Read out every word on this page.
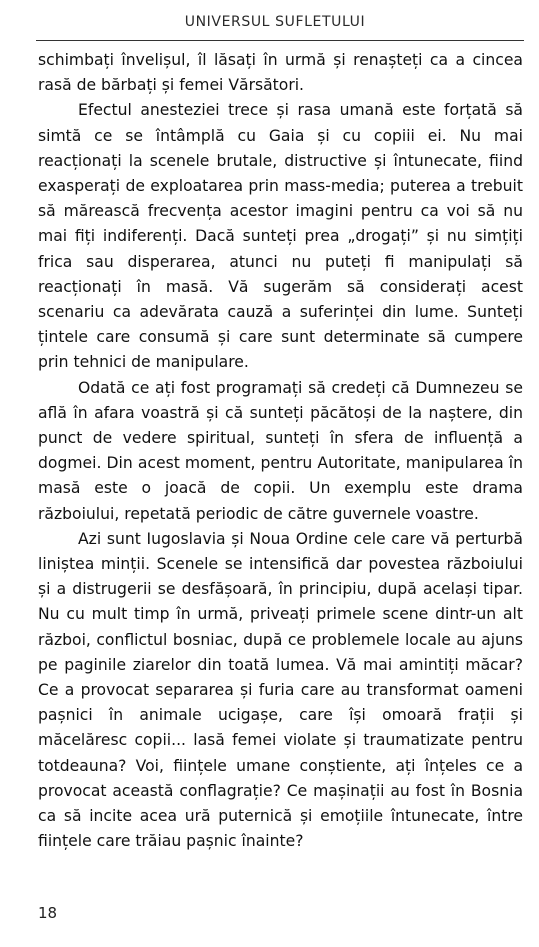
UNIVERSUL SUFLETULUI

schimbați învelișul, îl lăsați în urmă și renașteți ca a cincea rasă de bărbați și femei Vărsători.

Efectul anesteziei trece și rasa umană este forțată să simtă ce se întâmplă cu Gaia și cu copiii ei. Nu mai reacționați la scenele brutale, distructive și întunecate, fiind exasperați de exploatarea prin mass-media; puterea a trebuit să mărească frecvența acestor imagini pentru ca voi să nu mai fiți indiferenți. Dacă sunteți prea „drogați” și nu simțiți frica sau disperarea, atunci nu puteți fi manipulați să reacționați în masă. Vă sugerăm să considerați acest scenariu ca adevărata cauză a suferinței din lume. Sunteți țintele care consumă și care sunt determinate să cumpere prin tehnici de manipulare.

Odată ce ați fost programați să credeți că Dumnezeu se află în afara voastră și că sunteți păcătoși de la naștere, din punct de vedere spiritual, sunteți în sfera de influență a dogmei. Din acest moment, pentru Autoritate, manipularea în masă este o joacă de copii. Un exemplu este drama războiului, repetată periodic de către guvernele voastre.

Azi sunt Iugoslavia și Noua Ordine cele care vă perturbă liniștea minții. Scenele se intensifică dar povestea războiului și a distrugerii se desfășoară, în principiu, după același tipar. Nu cu mult timp în urmă, priveați primele scene dintr-un alt război, conflictul bosniac, după ce problemele locale au ajuns pe paginile ziarelor din toată lumea. Vă mai amintiți măcar? Ce a provocat separarea și furia care au transformat oameni pașnici în animale ucigașe, care își omoară frații și măcelăresc copii... lasă femei violate și traumatizate pentru totdeauna? Voi, ființele umane conștiente, ați înțeles ce a provocat această conflagrație? Ce mașinații au fost în Bosnia ca să incite acea ură puternică și emoțiile întunecate, între ființele care trăiau pașnic înainte?

18
